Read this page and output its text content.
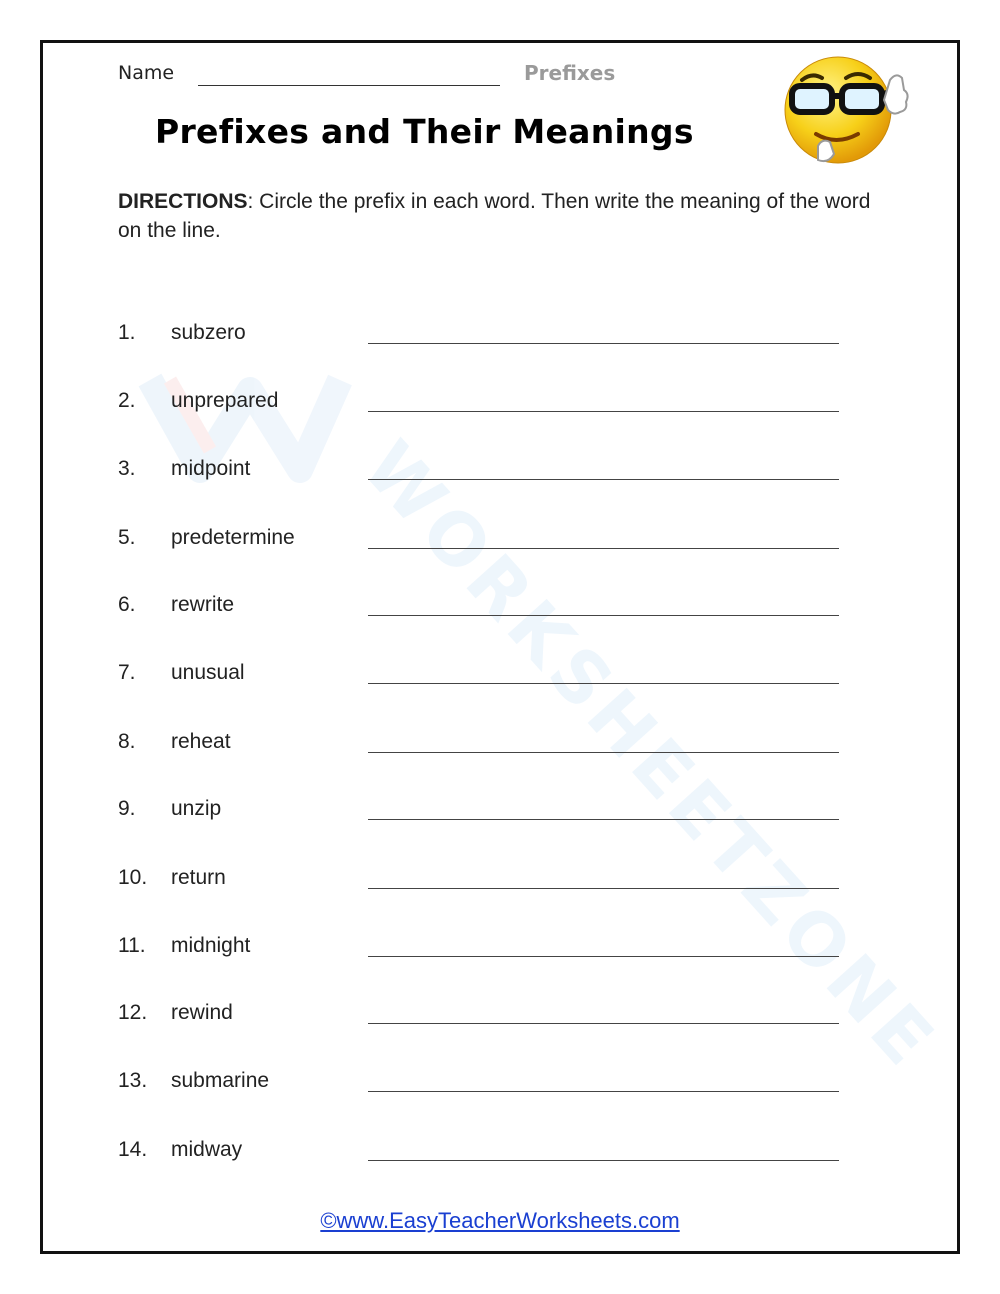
WORKSHEETZONE
Name	Prefixes
Prefixes and Their Meanings
DIRECTIONS: Circle the prefix in each word. Then write the meaning of the word on the line.
1. subzero
2. unprepared
3. midpoint
5. predetermine
6. rewrite
7. unusual
8. reheat
9. unzip
10. return
11. midnight
12. rewind
13. submarine
14. midway
©www.EasyTeacherWorksheets.com
